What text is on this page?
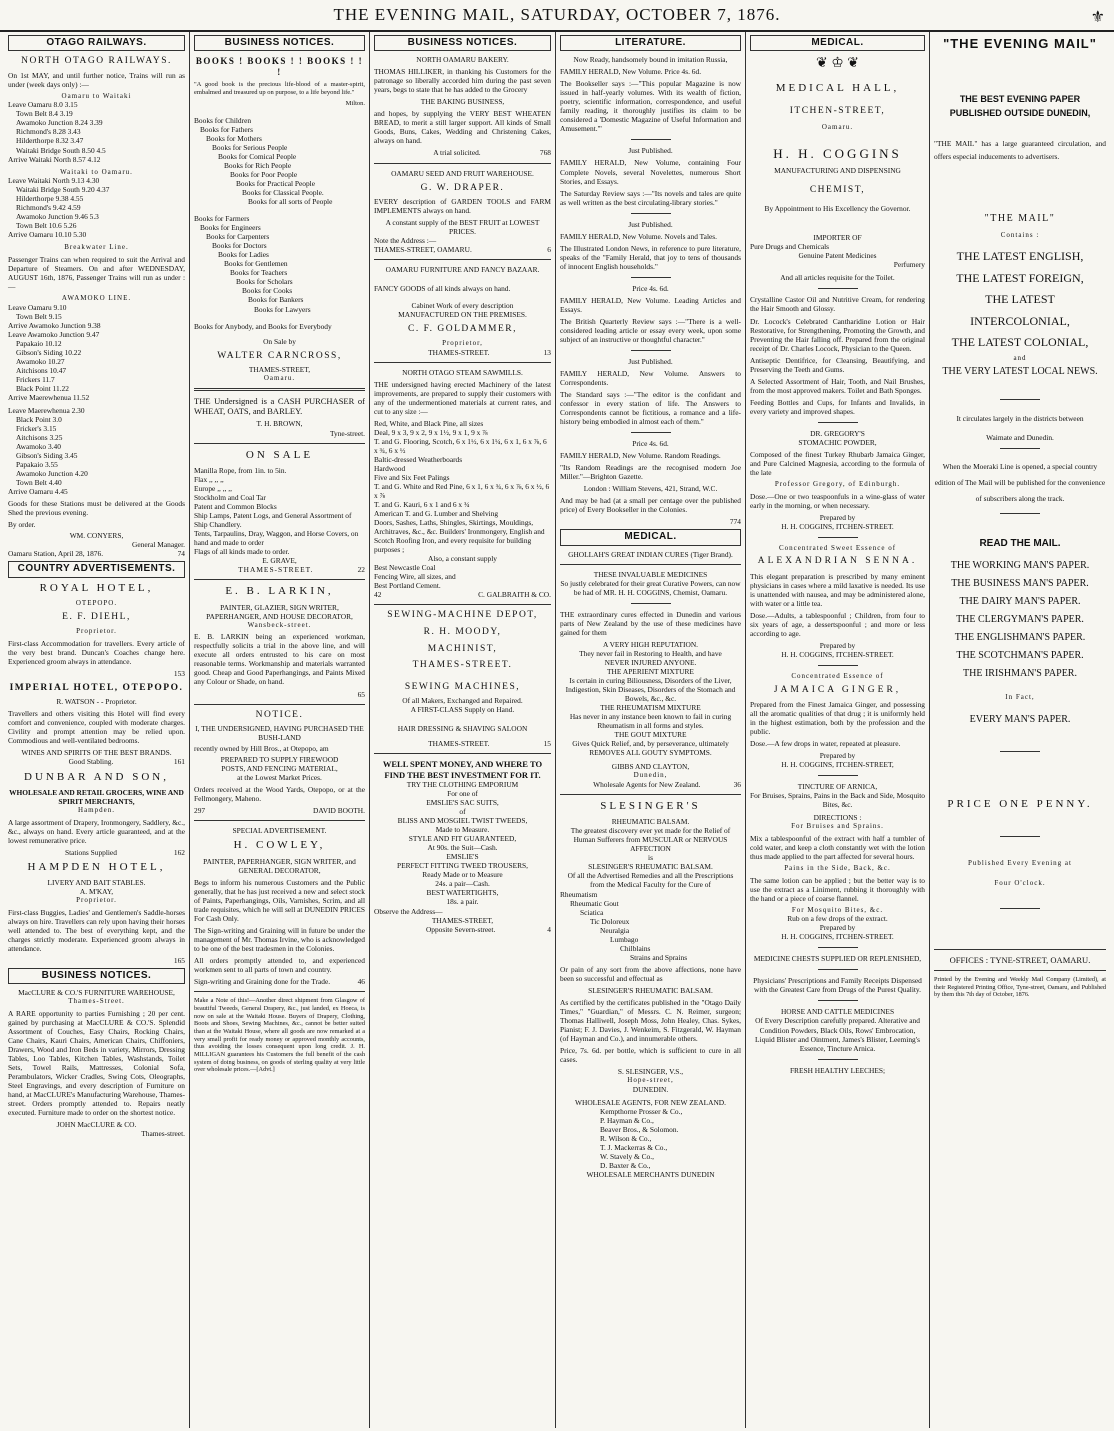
THE EVENING MAIL, SATURDAY, OCTOBER 7, 1876.	⚜
OTAGO RAILWAYS.
NORTH OTAGO RAILWAYS.

On 1st MAY, and until further notice, Trains will run as under (week days only) :—

Oamaru to Waitaki
Leave Oamaru 8.0 3.15
Town Belt 8.4 3.19
Awamoko Junction 8.24 3.39
Richmond's 8.28 3.43
Hilderthorpe 8.32 3.47
Waitaki Bridge South 8.50 4.5
Arrive Waitaki North 8.57 4.12
Waitaki to Oamaru.
Leave Waitaki North 9.13 4.30
Waitaki Bridge South 9.20 4.37
Hilderthorpe 9.38 4.55
Richmond's 9.42 4.59
Awamoko Junction 9.46 5.3
Town Belt 10.6 5.26
Arrive Oamaru 10.10 5.30
Breakwater Line.

Passenger Trains can when required to suit the Arrival and Departure of Steamers. On and after WEDNESDAY, AUGUST 16th, 1876, Passenger Trains will run as under :—

AWAMOKO LINE.
Leave Oamaru 9.10
Town Belt 9.15
Arrive Awamoko Junction 9.38
Leave Awamoko Junction 9.47
Papakaio 10.12
Gibson's Siding 10.22
Awamoko 10.27
Aitchisons 10.47
Frickers 11.7
Black Point 11.22
Arrive Maerewhenua 11.52
Leave Maerewhenua 2.30
Black Point 3.0
Fricker's 3.15
Aitchisons 3.25
Awamoko 3.40
Gibson's Siding 3.45
Papakaio 3.55
Awamoko Junction 4.20
Town Belt 4.40
Arrive Oamaru 4.45

Goods for these Stations must be delivered at the Goods Shed the previous evening.

By order.

WM. CONYERS,
General Manager.
Oamaru Station, April 28, 1876.	74
COUNTRY ADVERTISEMENTS.
ROYAL HOTEL,
OTEPOPO.
E. F. DIEHL,
Proprietor.

First-class Accommodation for travellers. Every article of the very best brand. Duncan's Coaches change here. Experienced groom always in attendance.

153
IMPERIAL HOTEL, OTEPOPO.
R. WATSON - - Proprietor.

Travellers and others visiting this Hotel will find every comfort and convenience, coupled with moderate charges. Civility and prompt attention may be relied upon. Commodious and well-ventilated bedrooms.

WINES AND SPIRITS OF THE BEST BRANDS.
Good Stabling.	161
DUNBAR AND SON,
WHOLESALE AND RETAIL GROCERS, WINE AND SPIRIT MERCHANTS,
Hampden.

A large assortment of Drapery, Ironmongery, Saddlery, &c., &c., always on hand. Every article guaranteed, and at the lowest remunerative price.

Stations Supplied	162
HAMPDEN HOTEL,
LIVERY AND BAIT STABLES.
A. M'KAY,
Proprietor.

First-class Buggies, Ladies' and Gentlemen's Saddle-horses always on hire. Travellers can rely upon having their horses well attended to. The best of everything kept, and the charges strictly moderate. Experienced groom always in attendance.

165
BUSINESS NOTICES.
MacCLURE & CO.'S FURNITURE WAREHOUSE,
Thames-Street.

A RARE opportunity to parties Furnishing ; 20 per cent. gained by purchasing at MacCLURE & CO.'S. Splendid Assortment of Couches, Easy Chairs, Rocking Chairs, Cane Chairs, Kauri Chairs, American Chairs, Chiffoniers, Drawers, Wood and Iron Beds in variety, Mirrors, Dressing Tables, Loo Tables, Kitchen Tables, Washstands, Toilet Sets, Towel Rails, Mattresses, Colonial Sofa, Perambulators, Wicker Cradles, Swing Cots, Oleographs, Steel Engravings, and every description of Furniture on hand, at MacCLURE's Manufacturing Warehouse, Thames-street. Orders promptly attended to. Repairs neatly executed. Furniture made to order on the shortest notice.

JOHN MacCLURE & CO.
Thames-street.
BUSINESS NOTICES.
BOOKS ! BOOKS ! ! BOOKS ! ! !

"A good book is the precious life-blood of a master-spirit, embalmed and treasured up on purpose, to a life beyond life."

Milton.
Books for Children
Books for Fathers
Books for Mothers
Books for Serious People
Books for Comical People
Books for Rich People
Books for Poor People
Books for Practical People
Books for Classical People.
Books for all sorts of People
Books for Farmers
Books for Engineers
Books for Carpenters
Books for Doctors
Books for Ladies
Books for Gentlemen
Books for Teachers
Books for Scholars
Books for Cooks
Books for Bankers
Books for Lawyers

Books for Anybody, and Books for Everybody

On Sale by
WALTER CARNCROSS,
THAMES-STREET,
Oamaru.

THE Undersigned is a CASH PURCHASER of WHEAT, OATS, and BARLEY.

T. H. BROWN,
Tyne-street.
ON SALE
Manilla Rope, from 1in. to 5in.
Flax ,, ,, ,,
Europe ,, ,, ,,
Stockholm and Coal Tar
Patent and Common Blocks
Ship Lamps, Patent Logs, and General Assortment of Ship Chandlery.
Tents, Tarpaulins, Dray, Waggon, and Horse Covers, on hand and made to order
Flags of all kinds made to order.
E. GRAVE,
THAMES-STREET.	22
E. B. LARKIN,
PAINTER, GLAZIER, SIGN WRITER, PAPERHANGER, AND HOUSE DECORATOR,
Wansbeck-street.

E. B. LARKIN being an experienced workman, respectfully solicits a trial in the above line, and will execute all orders entrusted to his care on most reasonable terms. Workmanship and materials warranted good. Cheap and Good Paperhangings, and Paints Mixed any Colour or Shade, on hand.

65
NOTICE.
I, THE UNDERSIGNED, HAVING PURCHASED THE BUSH-LAND

recently owned by Hill Bros., at Otepopo, am

PREPARED TO SUPPLY FIREWOOD
POSTS, AND FENCING MATERIAL,
at the Lowest Market Prices.

Orders received at the Wood Yards, Otepopo, or at the Fellmongery, Maheno.

297	DAVID BOOTH.
SPECIAL ADVERTISEMENT.
H. COWLEY,
PAINTER, PAPERHANGER, SIGN WRITER, and GENERAL DECORATOR,

Begs to inform his numerous Customers and the Public generally, that he has just received a new and select stock of Paints, Paperhangings, Oils, Varnishes, Scrim, and all trade requisites, which he will sell at DUNEDIN PRICES For Cash Only.

The Sign-writing and Graining will in future be under the management of Mr. Thomas Irvine, who is acknowledged to be one of the best tradesmen in the Colonies.

All orders promptly attended to, and experienced workmen sent to all parts of town and country.

Sign-writing and Graining done for the Trade.	46

Make a Note of this!—Another direct shipment from Glasgow of beautiful Tweeds, General Drapery, &c., just landed, ex Hoeca, is now on sale at the Waitaki House. Buyers of Drapery, Clothing, Boots and Shoes, Sewing Machines, &c., cannot be better suited than at the Waitaki House, where all goods are now remarked at a very small profit for ready money or approved monthly accounts, thus avoiding the losses consequent upon long credit. J. H. MILLIGAN guarantees his Customers the full benefit of the cash system of doing business, on goods of sterling quality at very little over wholesale prices.—[Advt.]

BUSINESS NOTICES.
NORTH OAMARU BAKERY.

THOMAS HILLIKER, in thanking his Customers for the patronage so liberally accorded him during the past seven years, begs to state that he has added to the Grocery

THE BAKING BUSINESS,

and hopes, by supplying the VERY BEST WHEATEN BREAD, to merit a still larger support. All kinds of Small Goods, Buns, Cakes, Wedding and Christening Cakes, always on hand.

A trial solicited.	768
OAMARU SEED AND FRUIT WAREHOUSE.
G. W. DRAPER.

EVERY description of GARDEN TOOLS and FARM IMPLEMENTS always on hand.

A constant supply of the BEST FRUIT at LOWEST PRICES.
Note the Address :—
THAMES-STREET, OAMARU.	6
OAMARU FURNITURE AND FANCY BAZAAR.

FANCY GOODS of all kinds always on hand.

Cabinet Work of every description
MANUFACTURED ON THE PREMISES.
C. F. GOLDAMMER,
Proprietor,
THAMES-STREET.	13
NORTH OTAGO STEAM SAWMILLS.

THE undersigned having erected Machinery of the latest improvements, are prepared to supply their customers with any of the undermentioned materials at current rates, and cut to any size :—

Red, White, and Black Pine, all sizes
Deal, 9 x 3, 9 x 2, 9 x 1½, 9 x 1, 9 x ⅞
T. and G. Flooring, Scotch, 6 x 1½, 6 x 1¼, 6 x 1, 6 x ⅞, 6 x ¾, 6 x ½
Baltic-dressed Weatherboards
Hardwood
Five and Six Feet Palings
T. and G. White and Red Pine, 6 x 1, 6 x ¾, 6 x ⅞, 6 x ½, 6 x ⅞
T. and G. Kauri, 6 x 1 and 6 x ¾
American T. and G. Lumber and Shelving
Doors, Sashes, Laths, Shingles, Skirtings, Mouldings, Architraves, &c., &c. Builders' Ironmongery, English and Scotch Roofing Iron, and every requisite for building purposes ;
Also, a constant supply
Best Newcastle Coal
Fencing Wire, all sizes, and
Best Portland Cement.
42	C. GALBRAITH & CO.
SEWING-MACHINE DEPOT,
R. H. MOODY,
MACHINIST,
THAMES-STREET.
SEWING MACHINES,
Of all Makers, Exchanged and Repaired.
A FIRST-CLASS Supply on Hand.
HAIR DRESSING & SHAVING SALOON
THAMES-STREET.	15
WELL SPENT MONEY, AND WHERE TO FIND THE BEST INVESTMENT FOR IT.
TRY THE CLOTHING EMPORIUM
For one of
EMSLIE'S SAC SUITS,
of
BLISS AND MOSGIEL TWIST TWEEDS,
Made to Measure.
STYLE AND FIT GUARANTEED,
At 90s. the Suit—Cash.
EMSLIE'S
PERFECT FITTING TWEED TROUSERS,
Ready Made or to Measure
24s. a pair—Cash.
BEST WATERTIGHTS,
18s. a pair.
Observe the Address—
THAMES-STREET,
Opposite Severn-street.	4
LITERATURE.
Now Ready, handsomely bound in imitation Russia,

FAMILY HERALD, New Volume. Price 4s. 6d.

The Bookseller says :—"This popular Magazine is now issued in half-yearly volumes. With its wealth of fiction, poetry, scientific information, correspondence, and useful family reading, it thoroughly justifies its claim to be considered a 'Domestic Magazine of Useful Information and Amusement.'"

Just Published.

FAMILY HERALD, New Volume, containing Four Complete Novels, several Novelettes, numerous Short Stories, and Essays.

The Saturday Review says :—"Its novels and tales are quite as well written as the best circulating-library stories."

Just Published.

FAMILY HERALD, New Volume. Novels and Tales.

The Illustrated London News, in reference to pure literature, speaks of the "Family Herald, that joy to tens of thousands of innocent English households."

Price 4s. 6d.

FAMILY HERALD, New Volume. Leading Articles and Essays.

The British Quarterly Review says :—"There is a well-considered leading article or essay every week, upon some subject of an instructive or thoughtful character."

Just Published.

FAMILY HERALD, New Volume. Answers to Correspondents.

The Standard says :—"The editor is the confidant and confessor in every station of life. The Answers to Correspondents cannot be fictitious, a romance and a life-history being embodied in almost each of them."

Price 4s. 6d.

FAMILY HERALD, New Volume. Random Readings.

"Its Random Readings are the recognised modern Joe Miller."—Brighton Gazette.

London : William Stevens, 421, Strand, W.C.

And may be had (at a small per centage over the published price) of Every Bookseller in the Colonies.

774
MEDICAL.
GHOLLAH'S GREAT INDIAN CURES (Tiger Brand).
THESE INVALUABLE MEDICINES
So justly celebrated for their great Curative Powers, can now be had of MR. H. H. COGGINS, Chemist, Oamaru.

THE extraordinary cures effected in Dunedin and various parts of New Zealand by the use of these medicines have gained for them

A VERY HIGH REPUTATION.
They never fail in Restoring to Health, and have
NEVER INJURED ANYONE.
THE APERIENT MIXTURE
Is certain in curing Biliousness, Disorders of the Liver, Indigestion, Skin Diseases, Disorders of the Stomach and Bowels, &c., &c.
THE RHEUMATISM MIXTURE
Has never in any instance been known to fail in curing Rheumatism in all forms and styles.
THE GOUT MIXTURE
Gives Quick Relief, and, by perseverance, ultimately
REMOVES ALL GOUTY SYMPTOMS.
GIBBS AND CLAYTON,
Dunedin,
Wholesale Agents for New Zealand.	36
SLESINGER'S
RHEUMATIC BALSAM.
The greatest discovery ever yet made for the Relief of Human Sufferers from MUSCULAR or NERVOUS AFFECTION
is
SLESINGER'S RHEUMATIC BALSAM.
Of all the Advertised Remedies and all the Prescriptions from the Medical Faculty for the Cure of
Rheumatism
Rheumatic Gout
Sciatica
Tic Doloreux
Neuralgia
Lumbago
Chilblains
Strains and Sprains

Or pain of any sort from the above affections, none have been so successful and effectual as

SLESINGER'S RHEUMATIC BALSAM.

As certified by the certificates published in the "Otago Daily Times," "Guardian," of Messrs. C. N. Reimer, surgeon; Thomas Halliwell, Joseph Moss, John Healey, Chas. Sykes, Pianist; F. J. Davies, J. Wenkeim, S. Fitzgerald, W. Hayman (of Hayman and Co.), and innumerable others.

Price, 7s. 6d. per bottle, which is sufficient to cure in all cases.

S. SLESINGER, V.S.,
Hope-street,
DUNEDIN.
WHOLESALE AGENTS, FOR NEW ZEALAND.
Kempthorne Prosser & Co.,
P. Hayman & Co.,
Beaver Bros., & Solomon.
R. Wilson & Co.,
T. J. Mackerras & Co.,
W. Stavely & Co.,
D. Baxter & Co.,
WHOLESALE MERCHANTS DUNEDIN
MEDICAL.
❦ ♔ ❦
MEDICAL HALL,
ITCHEN-STREET,
Oamaru.
H. H. COGGINS
MANUFACTURING AND DISPENSING
CHEMIST,
By Appointment to His Excellency the Governor.
IMPORTER OF
Pure Drugs and Chemicals
Genuine Patent Medicines
Perfumery
And all articles requisite for the Toilet.

Crystalline Castor Oil and Nutritive Cream, for rendering the Hair Smooth and Glossy.

Dr. Locock's Celebrated Cantharidine Lotion or Hair Restorative, for Strengthening, Promoting the Growth, and Preventing the Hair falling off. Prepared from the original receipt of Dr. Charles Locock, Physician to the Queen.

Antiseptic Dentifrice, for Cleansing, Beautifying, and Preserving the Teeth and Gums.

A Selected Assortment of Hair, Tooth, and Nail Brushes, from the most approved makers. Toilet and Bath Sponges.

Feeding Bottles and Cups, for Infants and Invalids, in every variety and improved shapes.

DR. GREGORY'S
STOMACHIC POWDER,

Composed of the finest Turkey Rhubarb Jamaica Ginger, and Pure Calcined Magnesia, according to the formula of the late

Professor Gregory, of Edinburgh.

Dose.—One or two teaspoonfuls in a wine-glass of water early in the morning, or when necessary.

Prepared by
H. H. COGGINS, ITCHEN-STREET.
Concentrated Sweet Essence of
ALEXANDRIAN SENNA.

This elegant preparation is prescribed by many eminent physicians in cases where a mild laxative is needed. Its use is unattended with nausea, and may be administered alone, with water or a little tea.

Dose.—Adults, a tablespoonful ; Children, from four to six years of age, a dessertspoonful ; and more or less according to age.

Prepared by
H. H. COGGINS, ITCHEN-STREET.
Concentrated Essence of
JAMAICA GINGER,

Prepared from the Finest Jamaica Ginger, and possessing all the aromatic qualities of that drug ; it is uniformly held in the highest estimation, both by the profession and the public.

Dose.—A few drops in water, repeated at pleasure.

Prepared by
H. H. COGGINS, ITCHEN-STREET,
TINCTURE OF ARNICA,
For Bruises, Sprains, Pains in the Back and Side, Mosquito Bites, &c.
DIRECTIONS :
For Bruises and Sprains.

Mix a tablespoonful of the extract with half a tumbler of cold water, and keep a cloth constantly wet with the lotion thus made applied to the part affected for several hours.

Pains in the Side, Back, &c.

The same lotion can be applied ; but the better way is to use the extract as a Liniment, rubbing it thoroughly with the hand or a piece of coarse flannel.

For Mosquito Bites, &c.
Rub on a few drops of the extract.
Prepared by
H. H. COGGINS, ITCHEN-STREET.
MEDICINE CHESTS SUPPLIED OR REPLENISHED,
Physicians' Prescriptions and Family Receipts Dispensed with the Greatest Care from Drugs of the Purest Quality.
HORSE AND CATTLE MEDICINES
Of Every Description carefully prepared. Alterative and Condition Powders, Black Oils, Rows' Embrocation, Liquid Blister and Ointment, James's Blister, Leeming's Essence, Tincture Arnica.
FRESH HEALTHY LEECHES;
"THE EVENING MAIL"
THE BEST EVENING PAPER PUBLISHED OUTSIDE DUNEDIN,

"THE MAIL" has a large guaranteed circulation, and offers especial inducements to advertisers.

"THE MAIL"
Contains :
THE LATEST ENGLISH,
THE LATEST FOREIGN,
THE LATEST INTERCOLONIAL,
THE LATEST COLONIAL,
and
THE VERY LATEST LOCAL NEWS.
It circulates largely in the districts between
Waimate and Dunedin.

When the Moeraki Line is opened, a special country edition of The Mail will be published for the convenience of subscribers along the track.

READ THE MAIL.
THE WORKING MAN'S PAPER.
THE BUSINESS MAN'S PAPER.
THE DAIRY MAN'S PAPER.
THE CLERGYMAN'S PAPER.
THE ENGLISHMAN'S PAPER.
THE SCOTCHMAN'S PAPER.
THE IRISHMAN'S PAPER.
In Fact,
EVERY MAN'S PAPER.
PRICE ONE PENNY.
Published Every Evening at
Four O'clock.
OFFICES : TYNE-STREET, OAMARU.

Printed by the Evening and Weekly Mail Company (Limited), at their Registered Printing Office, Tyne-street, Oamaru, and Published by them this 7th day of October, 1876.
